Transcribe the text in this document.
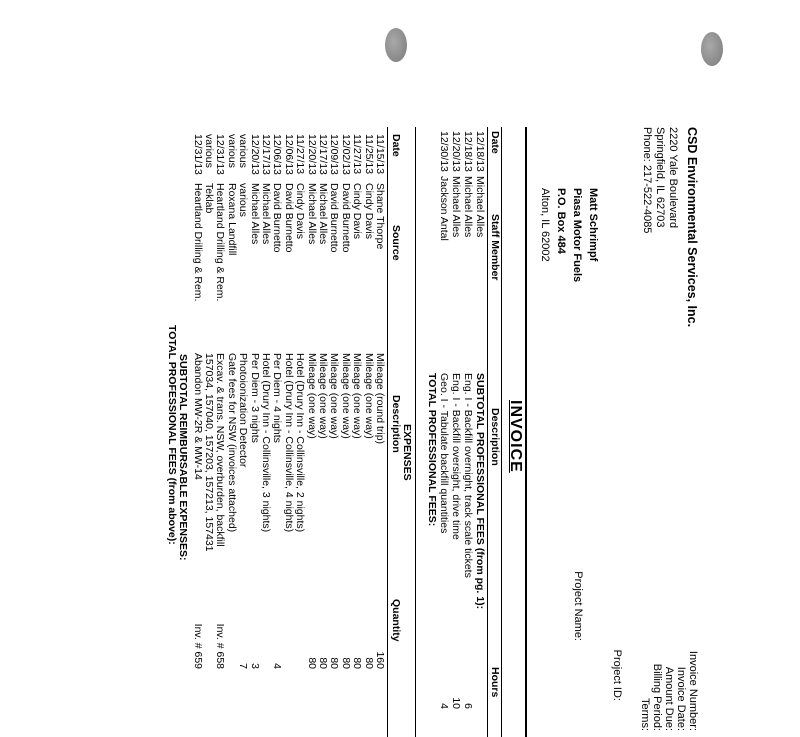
CSD Environmental Services, Inc.
2220 Yale Boulevard
Springfield, IL 62703
Phone: 217-522-4085
Invoice Number:
Invoice Date:
Amount Due:
Billing Period:
Terms:
Project ID:
Project Name:
Matt Schrimpf
Piasa Motor Fuels
P.O. Box 484
Alton, IL 62002
INVOICE
Date
Staff Member
Description
Hours
12/18/13
Michael Alles
SUBTOTAL PROFESSIONAL FEES (from pg. 1):
12/18/13
Michael Alles
Eng. I - Backfill overnight, track scale tickets
6
12/20/13
Michael Alles
Eng. I - Backfill oversight, drive time
10
12/30/13
Jackson Antal
Geo. I - Tabulate backfill quantities
4
TOTAL PROFESSIONAL FEES:
EXPENSES
Date
Source
Description
Quantity
11/15/13
Shane Thorpe
Mileage (round trip)
160
11/25/13
Cindy Davis
Mileage (one way)
80
11/27/13
Cindy Davis
Mileage (one way)
80
12/02/13
David Burnetto
Mileage (one way)
80
12/09/13
David Burnetto
Mileage (one way)
80
12/17/13
Michael Alles
Mileage (one way)
80
12/20/13
Michael Alles
Mileage (one way)
80
11/27/13
Cindy Davis
Hotel (Drury Inn - Collinsville, 2 nights)
12/06/13
David Burnetto
Hotel (Drury Inn - Collinsville, 4 nights)
12/06/13
David Burnetto
Per Diem - 4 nights
4
12/17/13
Michael Alles
Hotel (Drury Inn - Collinsville, 3 nights)
12/20/13
Michael Alles
Per Diem - 3 nights
3
various
various
Photoionization Detector
7
various
Roxana Landfill
Gate fees for NSW (invoices attached)
12/31/13
Heartland Drilling & Rem.
Excav. & trans. NSW, overburden, backfill
Inv. # 658
various
Teklab
157034, 157040, 157203, 157213, 157431
12/31/13
Heartland Drilling & Rem.
Abandon MW-2R & MW-14
Inv. # 659
SUBTOTAL REIMBURSABLE EXPENSES:
TOTAL PROFESSIONAL FEES (from above):
